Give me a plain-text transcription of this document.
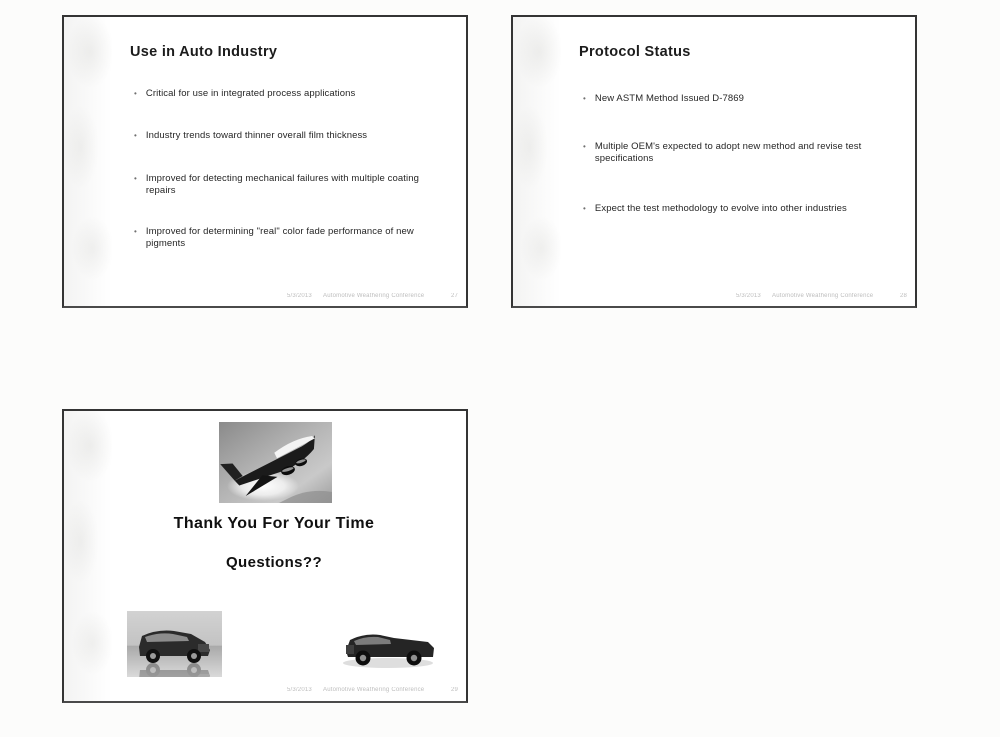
Use in Auto Industry
• Critical for use in integrated process applications
• Industry trends toward thinner overall film thickness
• Improved for detecting mechanical failures with multiple coating repairs
• Improved for determining "real" color fade performance of new pigments
5/3/2013 Automotive Weathering Conference	27
Protocol Status
• New ASTM Method Issued D-7869
• Multiple OEM's expected to adopt new method and revise test specifications
• Expect the test methodology to evolve into other industries
5/3/2013 Automotive Weathering Conference	28
Thank You For Your Time
Questions??
5/3/2013 Automotive Weathering Conference	29
